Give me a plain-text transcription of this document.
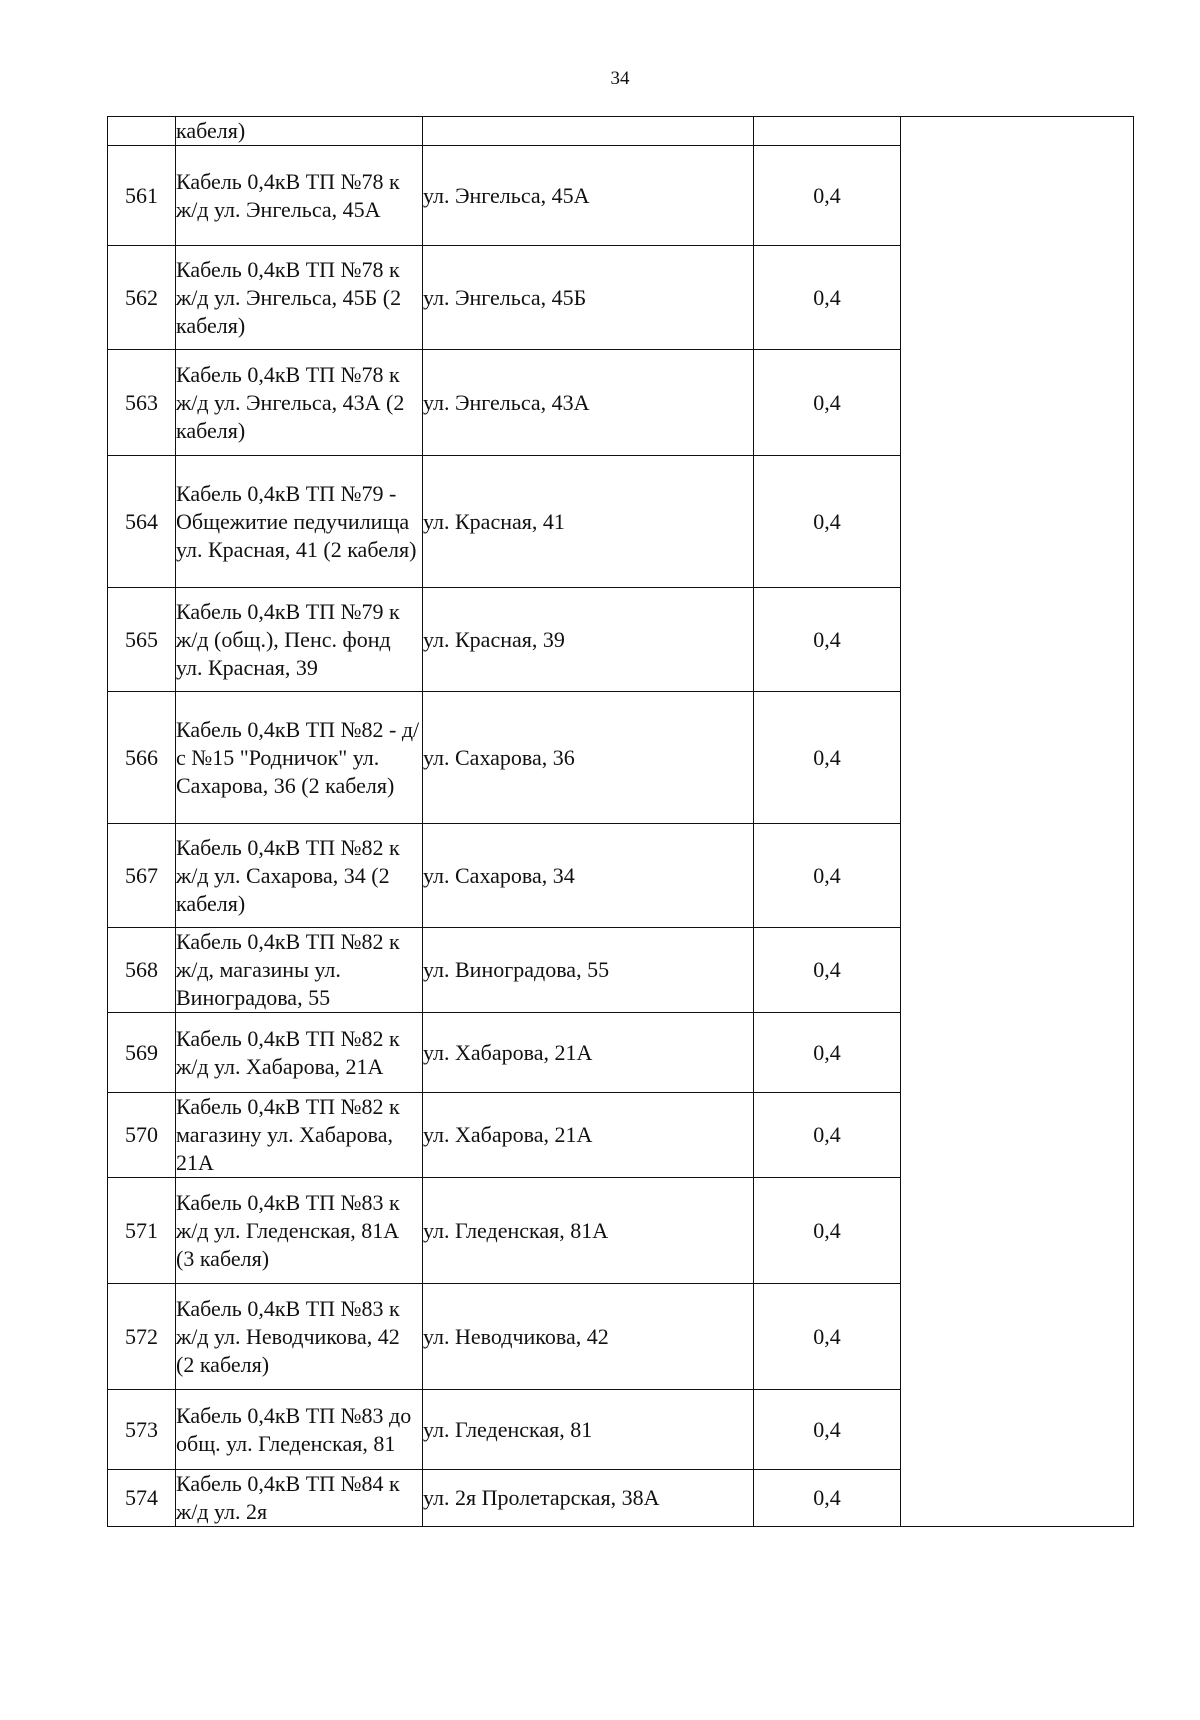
34
	кабеля)			
561	Кабель 0,4кВ ТП №78 к ж/д ул. Энгельса, 45А	ул. Энгельса, 45А	0,4	
562	Кабель 0,4кВ ТП №78 к ж/д ул. Энгельса, 45Б (2 кабеля)	ул. Энгельса, 45Б	0,4	
563	Кабель 0,4кВ ТП №78 к ж/д ул. Энгельса, 43А (2 кабеля)	ул. Энгельса, 43А	0,4	
564	Кабель 0,4кВ ТП №79 - Общежитие педучилища ул. Красная, 41 (2 кабеля)	ул. Красная, 41	0,4	
565	Кабель 0,4кВ ТП №79 к ж/д (общ.), Пенс. фонд ул. Красная, 39	ул. Красная, 39	0,4	
566	Кабель 0,4кВ ТП №82 - д/с №15 "Родничок" ул. Сахарова, 36 (2 кабеля)	ул. Сахарова, 36	0,4	
567	Кабель 0,4кВ ТП №82 к ж/д ул. Сахарова, 34 (2 кабеля)	ул. Сахарова, 34	0,4	
568	Кабель 0,4кВ ТП №82 к ж/д, магазины ул. Виноградова, 55	ул. Виноградова, 55	0,4	
569	Кабель 0,4кВ ТП №82 к ж/д ул. Хабарова, 21А	ул. Хабарова, 21А	0,4	
570	Кабель 0,4кВ ТП №82 к магазину ул. Хабарова, 21А	ул. Хабарова, 21А	0,4	
571	Кабель 0,4кВ ТП №83 к ж/д ул. Гледенская, 81А (3 кабеля)	ул. Гледенская, 81А	0,4	
572	Кабель 0,4кВ ТП №83 к ж/д ул. Неводчикова, 42 (2 кабеля)	ул. Неводчикова, 42	0,4	
573	Кабель 0,4кВ ТП №83 до общ. ул. Гледенская, 81	ул. Гледенская, 81	0,4	
574	Кабель 0,4кВ ТП №84 к ж/д ул. 2я	ул. 2я Пролетарская, 38А	0,4	
